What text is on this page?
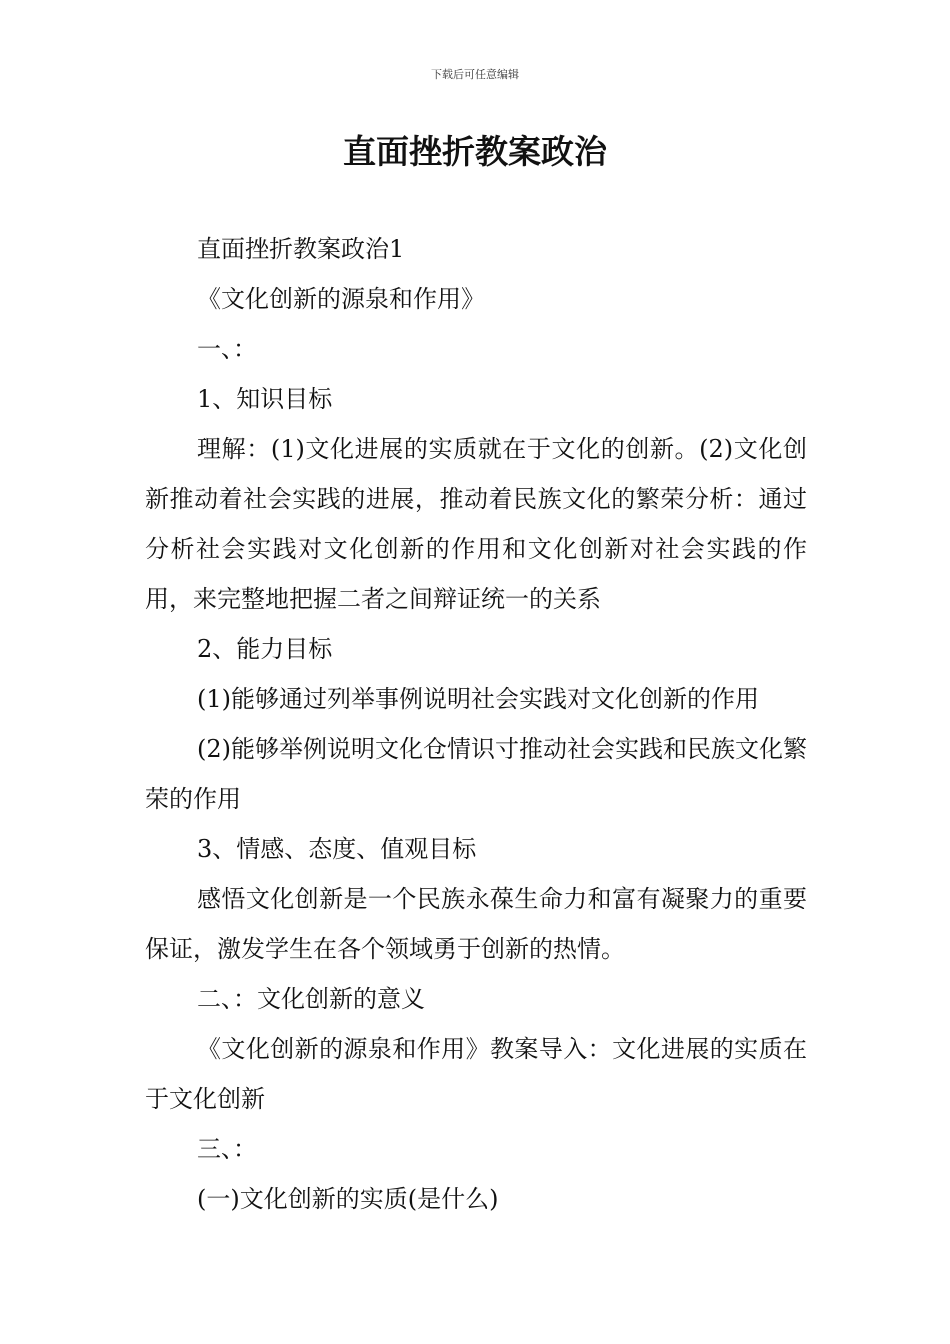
下载后可任意编辑
直面挫折教案政治

直面挫折教案政治1

《文化创新的源泉和作用》

一、：

1、知识目标

理解：(1)文化进展的实质就在于文化的创新。(2)文化创新推动着社会实践的进展，推动着民族文化的繁荣分析：通过分析社会实践对文化创新的作用和文化创新对社会实践的作用，来完整地把握二者之间辩证统一的关系

2、能力目标

(1)能够通过列举事例说明社会实践对文化创新的作用

(2)能够举例说明文化仓情识寸推动社会实践和民族文化繁荣的作用

3、情感、态度、值观目标

感悟文化创新是一个民族永葆生命力和富有凝聚力的重要保证，激发学生在各个领域勇于创新的热情。

二、：文化创新的意义

《文化创新的源泉和作用》教案导入：文化进展的实质在于文化创新

三、：

(一)文化创新的实质(是什么)
